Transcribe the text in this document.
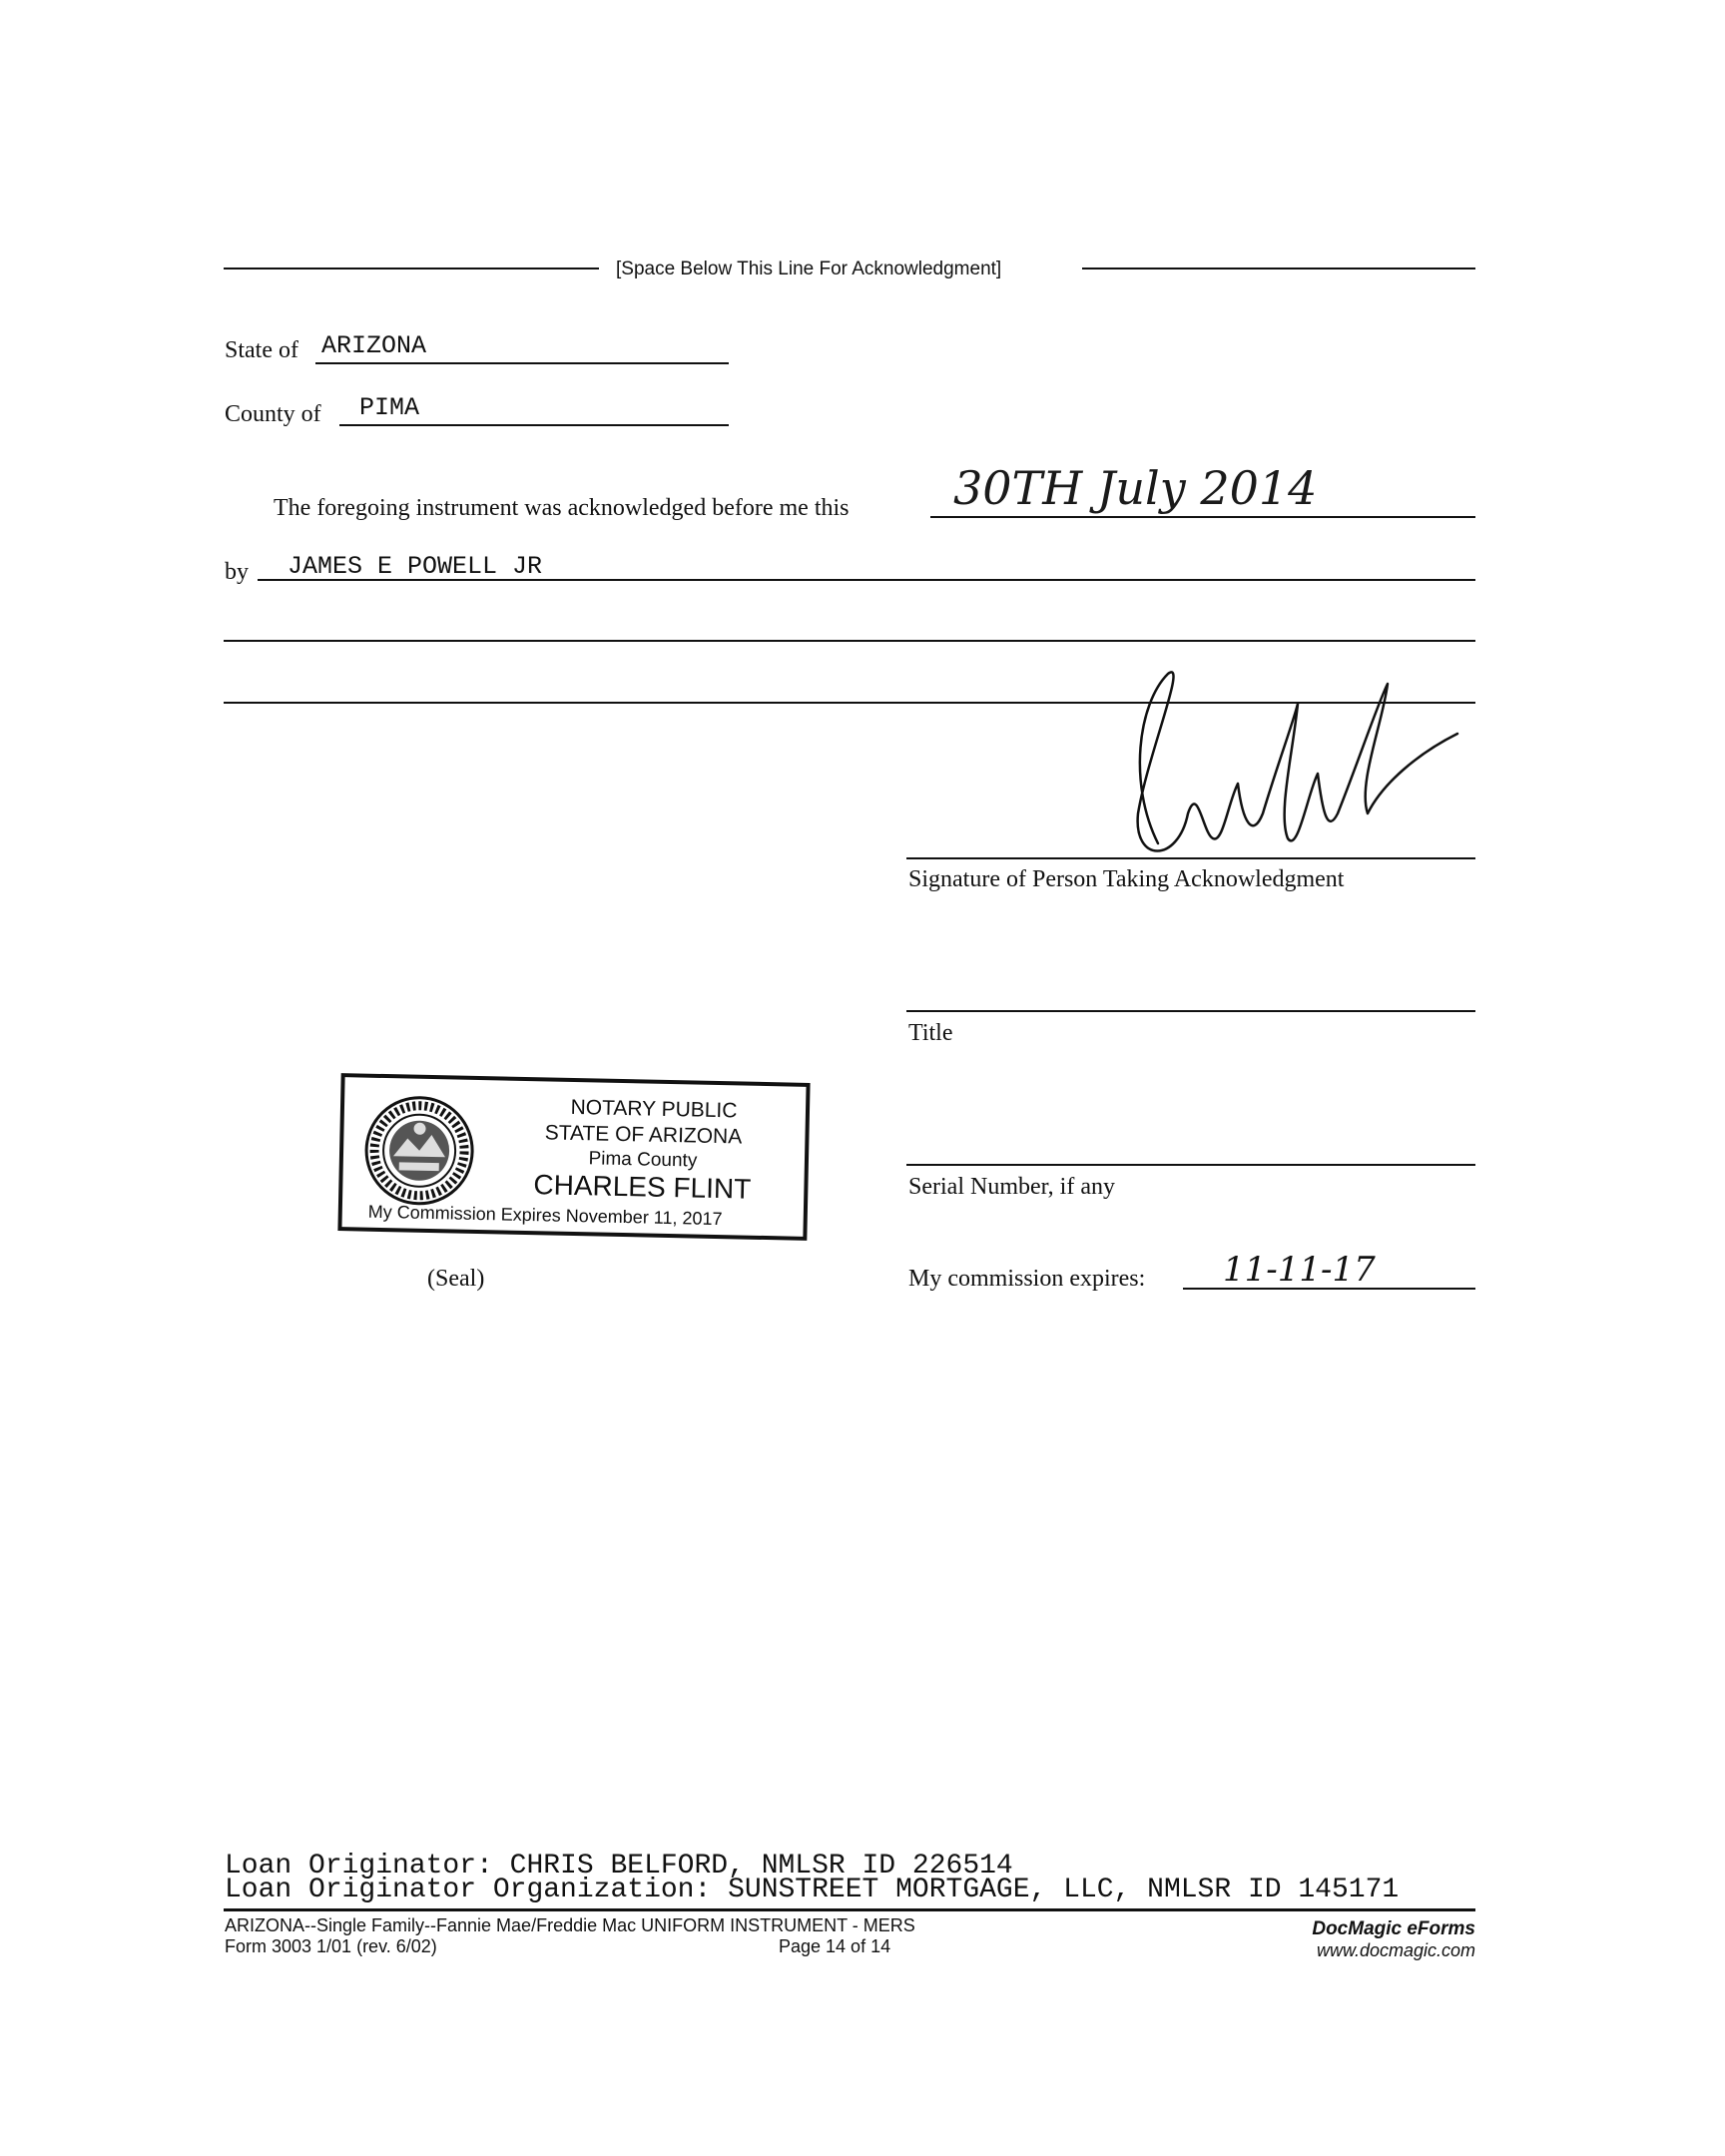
[Space Below This Line For Acknowledgment]
State of ARIZONA
County of PIMA
The foregoing instrument was acknowledged before me this 30TH July 2014
by JAMES E POWELL JR
Signature of Person Taking Acknowledgment
Title
Serial Number, if any
My commission expires: 11-11-17
NOTARY PUBLIC
STATE OF ARIZONA
Pima County
CHARLES FLINT
My Commission Expires November 11, 2017
(Seal)
Loan Originator: CHRIS BELFORD, NMLSR ID 226514
Loan Originator Organization: SUNSTREET MORTGAGE, LLC, NMLSR ID 145171
ARIZONA--Single Family--Fannie Mae/Freddie Mac UNIFORM INSTRUMENT - MERS
Form 3003 1/01 (rev. 6/02)	Page 14 of 14
DocMagic eForms
www.docmagic.com
